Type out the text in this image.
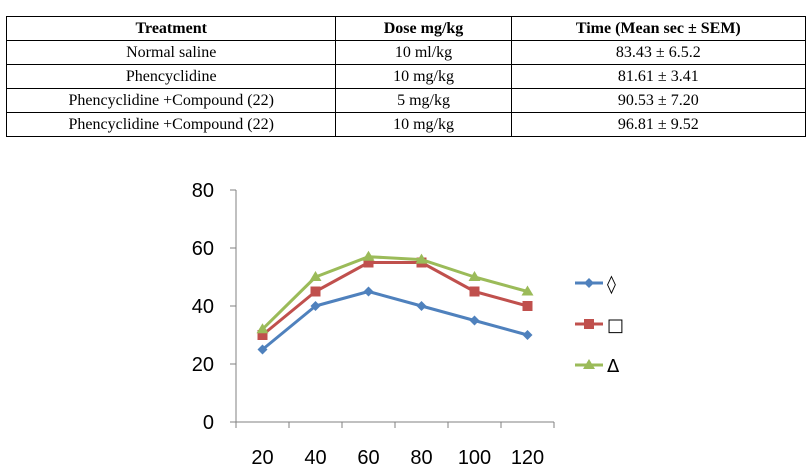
Treatment	Dose mg/kg	Time (Mean sec ± SEM)
Normal saline	10 ml/kg	83.43 ± 6.5.2
Phencyclidine	10 mg/kg	81.61 ± 3.41
Phencyclidine +Compound (22)	5 mg/kg	90.53 ± 7.20
Phencyclidine +Compound (22)	10 mg/kg	96.81 ± 9.52
0
20
40
60
80
20 40 60 80 100 120
◊
□
Δ
